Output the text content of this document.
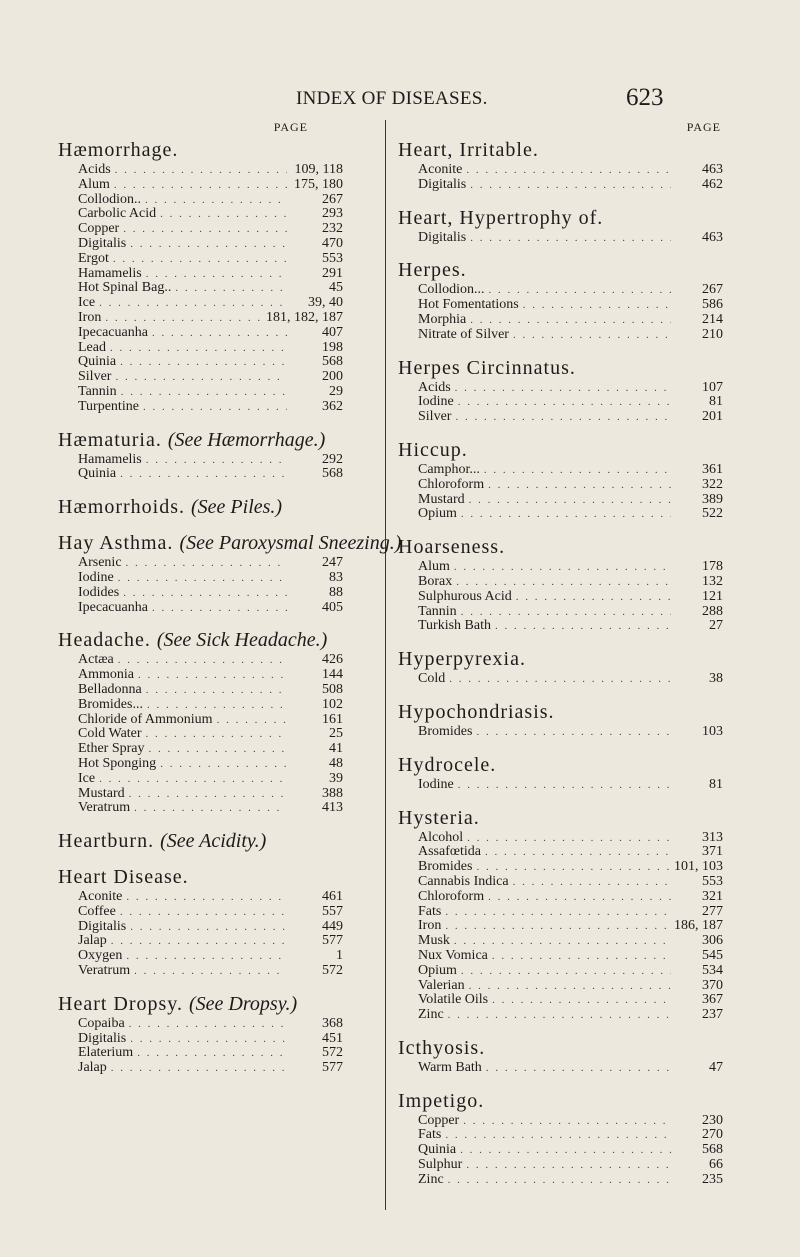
INDEX OF DISEASES.	623
PAGE
Hæmorrhage.
Acids . . .	109, 118
Alum . . .	175, 180
Collodion.. . . .	267
Carbolic Acid . . .	293
Copper . . .	232
Digitalis . . .	470
Ergot . . .	553
Hamamelis . . .	291
Hot Spinal Bag.. . . .	45
Ice . . .	39, 40
Iron . . .	181, 182, 187
Ipecacuanha . . .	407
Lead . . .	198
Quinia . . .	568
Silver . . .	200
Tannin . . .	29
Turpentine . . .	362
Hæmaturia. (See Hæmorrhage.)
Hamamelis . . .	292
Quinia . . .	568
Hæmorrhoids. (See Piles.)
Hay Asthma. (See Paroxysmal Sneezing.)
Arsenic . . .	247
Iodine . . .	83
Iodides . . .	88
Ipecacuanha . . .	405
Headache. (See Sick Headache.)
Actæa . . .	426
Ammonia . . .	144
Belladonna . . .	508
Bromides... . . .	102
Chloride of Ammonium . . .	161
Cold Water . . .	25
Ether Spray . . .	41
Hot Sponging . . .	48
Ice . . .	39
Mustard . . .	388
Veratrum . . .	413
Heartburn. (See Acidity.)
Heart Disease.
Aconite . . .	461
Coffee . . .	557
Digitalis . . .	449
Jalap . . .	577
Oxygen . . .	1
Veratrum . . .	572
Heart Dropsy. (See Dropsy.)
Copaiba . . .	368
Digitalis . . .	451
Elaterium . . .	572
Jalap . . .	577
PAGE
Heart, Irritable.
Aconite . . .	463
Digitalis . . .	462
Heart, Hypertrophy of.
Digitalis . . .	463
Herpes.
Collodion... . . .	267
Hot Fomentations . . .	586
Morphia . . .	214
Nitrate of Silver . . .	210
Herpes Circinnatus.
Acids . . .	107
Iodine . . .	81
Silver . . .	201
Hiccup.
Camphor... . . .	361
Chloroform . . .	322
Mustard . . .	389
Opium . . .	522
Hoarseness.
Alum . . .	178
Borax . . .	132
Sulphurous Acid . . .	121
Tannin . . .	288
Turkish Bath . . .	27
Hyperpyrexia.
Cold . . .	38
Hypochondriasis.
Bromides . . .	103
Hydrocele.
Iodine . . .	81
Hysteria.
Alcohol . . .	313
Assafœtida . . .	371
Bromides . . .	101, 103
Cannabis Indica . . .	553
Chloroform . . .	321
Fats . . .	277
Iron . . .	186, 187
Musk . . .	306
Nux Vomica . . .	545
Opium . . .	534
Valerian . . .	370
Volatile Oils . . .	367
Zinc . . .	237
Icthyosis.
Warm Bath . . .	47
Impetigo.
Copper . . .	230
Fats . . .	270
Quinia . . .	568
Sulphur . . .	66
Zinc . . .	235
